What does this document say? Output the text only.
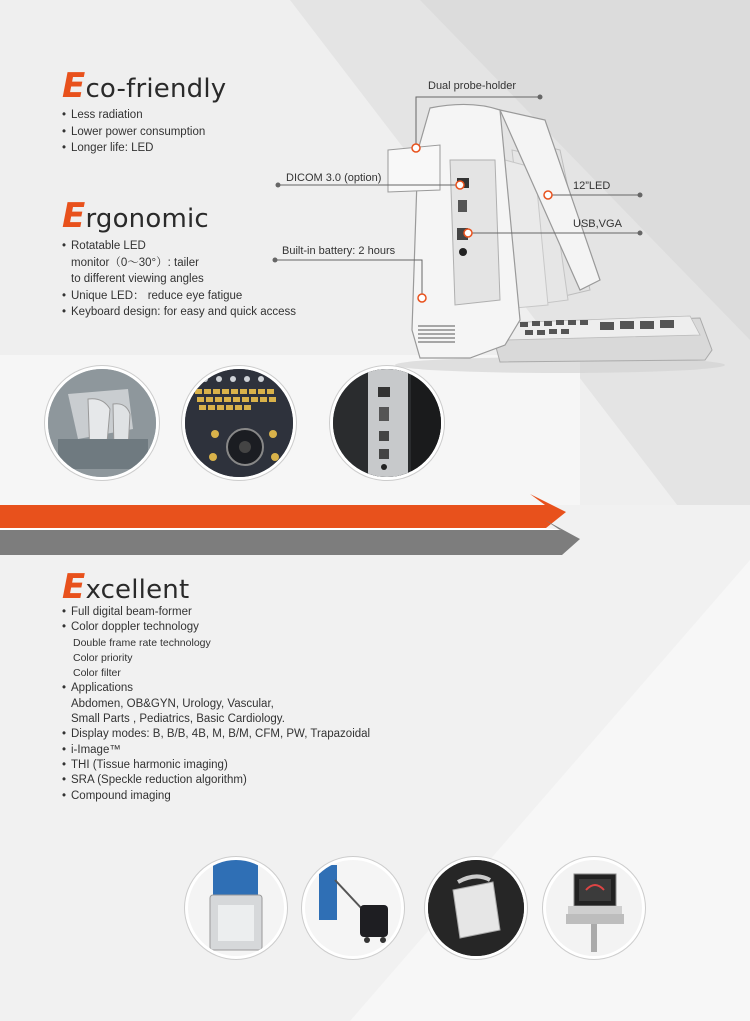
Eco-friendly
• Less radiation
• Lower power consumption
• Longer life: LED
Ergonomic
• Rotatable LED
monitor（0～30°）: tailer
to different viewing angles
• Unique LED： reduce eye fatigue
• Keyboard design: for easy and quick access
Dual probe-holder
DICOM 3.0 (option)
12”LED
USB,VGA
Built-in battery: 2 hours
Excellent
• Full digital beam-former
• Color doppler technology
Double frame rate technology
Color priority
Color filter
• Applications
Abdomen, OB&GYN, Urology, Vascular,
Small Parts , Pediatrics, Basic Cardiology.
• Display modes: B, B/B, 4B, M, B/M, CFM, PW, Trapazoidal
• i-Image™
• THI (Tissue harmonic imaging)
• SRA (Speckle reduction algorithm)
• Compound imaging
